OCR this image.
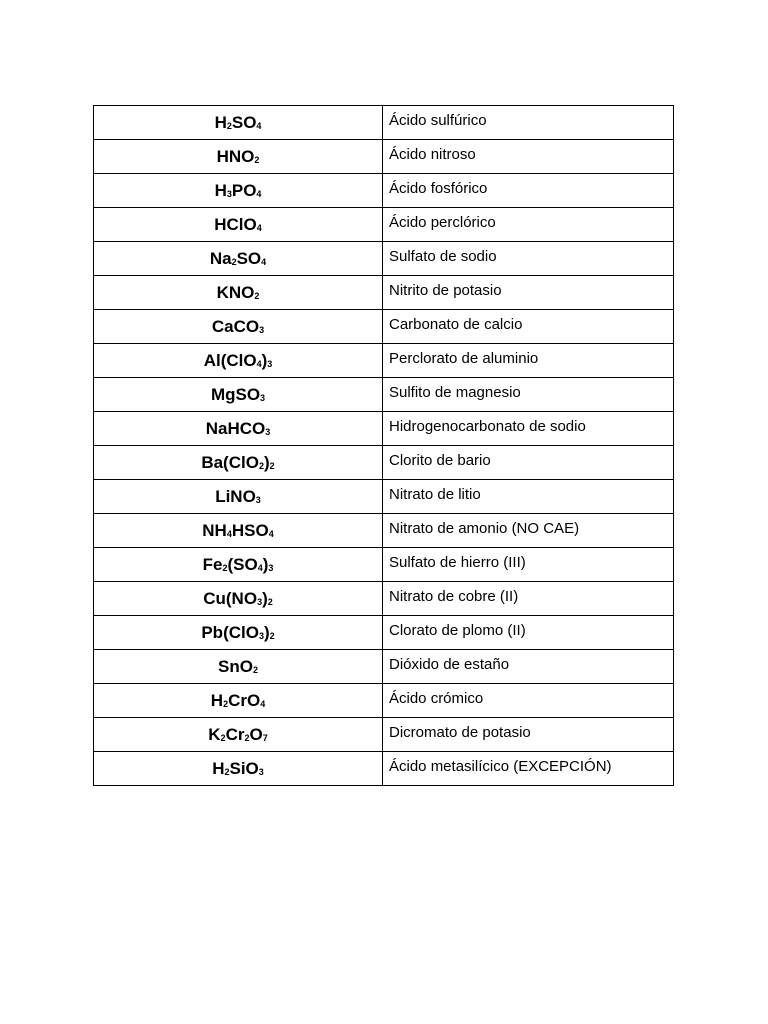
$H_2SO_4$	Ácido sulfúrico
$HNO_2$	Ácido nitroso
$H_3PO_4$	Ácido fosfórico
HClO$_4$	Ácido perclórico
$Na_2SO_4$	Sulfato de sodio
$KNO_2$	Nitrito de potasio
CaCO$_3$	Carbonato de calcio
$Al(ClO_4)_3$	Perclorato de aluminio
MgSO$_3$	Sulfito de magnesio
NaHCO$_3$	Hidrogenocarbonato de sodio
$Ba(ClO_2)_2$	Clorito de bario
LiNO$_3$	Nitrato de litio
$NH_4HSO_4$	Nitrato de amonio (NO CAE)
$Fe_2(SO_4)_3$	Sulfato de hierro (III)
$Cu(NO_3)_2$	Nitrato de cobre (II)
$Pb(ClO_3)_2$	Clorato de plomo (II)
SnO$_2$	Dióxido de estaño
$H_2CrO_4$	Ácido crómico
$K_2Cr_2O_7$	Dicromato de potasio
$H_2SiO_3$	Ácido metasilícico (EXCEPCIÓN)
